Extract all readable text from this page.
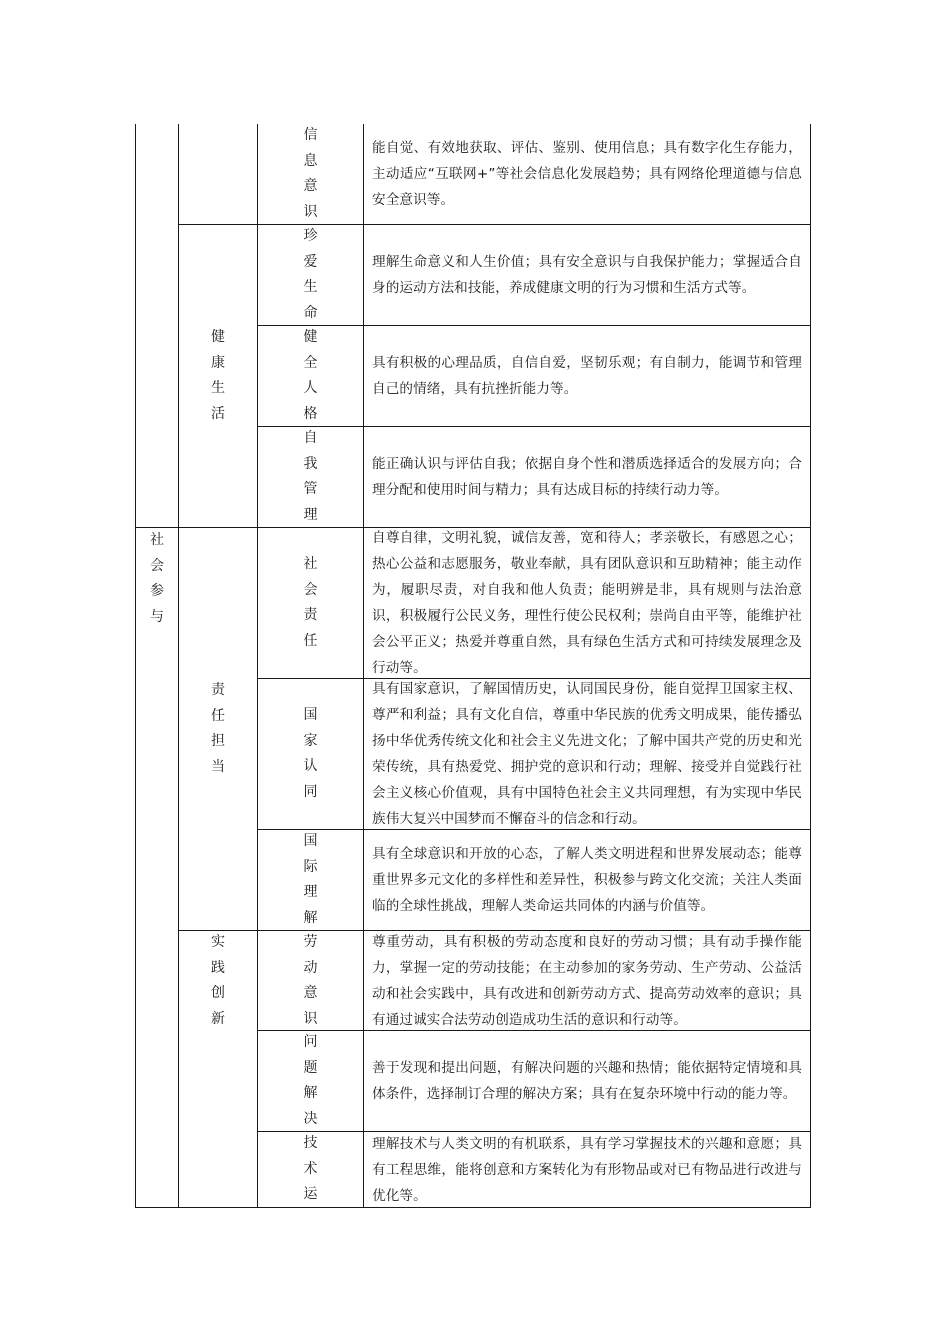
信
息
意
识
能自觉、有效地获取、评估、鉴别、使用信息；具有数字化生存能力，主动适应“互联网+”等社会信息化发展趋势；具有网络伦理道德与信息安全意识等。
健
康
生
活
珍
爱
生
命
理解生命意义和人生价值；具有安全意识与自我保护能力；掌握适合自身的运动方法和技能，养成健康文明的行为习惯和生活方式等。
健
全
人
格
具有积极的心理品质，自信自爱，坚韧乐观；有自制力，能调节和管理自己的情绪，具有抗挫折能力等。
自
我
管
理
能正确认识与评估自我；依据自身个性和潜质选择适合的发展方向；合理分配和使用时间与精力；具有达成目标的持续行动力等。
社
会
参
与
责
任
担
当
社
会
责
任
自尊自律，文明礼貌，诚信友善，宽和待人；孝亲敬长，有感恩之心；热心公益和志愿服务，敬业奉献，具有团队意识和互助精神；能主动作为，履职尽责，对自我和他人负责；能明辨是非，具有规则与法治意识，积极履行公民义务，理性行使公民权利；崇尚自由平等，能维护社会公平正义；热爱并尊重自然，具有绿色生活方式和可持续发展理念及行动等。
国
家
认
同
具有国家意识，了解国情历史，认同国民身份，能自觉捍卫国家主权、尊严和利益；具有文化自信，尊重中华民族的优秀文明成果，能传播弘扬中华优秀传统文化和社会主义先进文化；了解中国共产党的历史和光荣传统，具有热爱党、拥护党的意识和行动；理解、接受并自觉践行社会主义核心价值观，具有中国特色社会主义共同理想，有为实现中华民族伟大复兴中国梦而不懈奋斗的信念和行动。
国
际
理
解
具有全球意识和开放的心态，了解人类文明进程和世界发展动态；能尊重世界多元文化的多样性和差异性，积极参与跨文化交流；关注人类面临的全球性挑战，理解人类命运共同体的内涵与价值等。
实
践
创
新
劳
动
意
识
尊重劳动，具有积极的劳动态度和良好的劳动习惯；具有动手操作能力，掌握一定的劳动技能；在主动参加的家务劳动、生产劳动、公益活动和社会实践中，具有改进和创新劳动方式、提高劳动效率的意识；具有通过诚实合法劳动创造成功生活的意识和行动等。
问
题
解
决
善于发现和提出问题，有解决问题的兴趣和热情；能依据特定情境和具体条件，选择制订合理的解决方案；具有在复杂环境中行动的能力等。
技
术
运
理解技术与人类文明的有机联系，具有学习掌握技术的兴趣和意愿；具有工程思维，能将创意和方案转化为有形物品或对已有物品进行改进与优化等。
